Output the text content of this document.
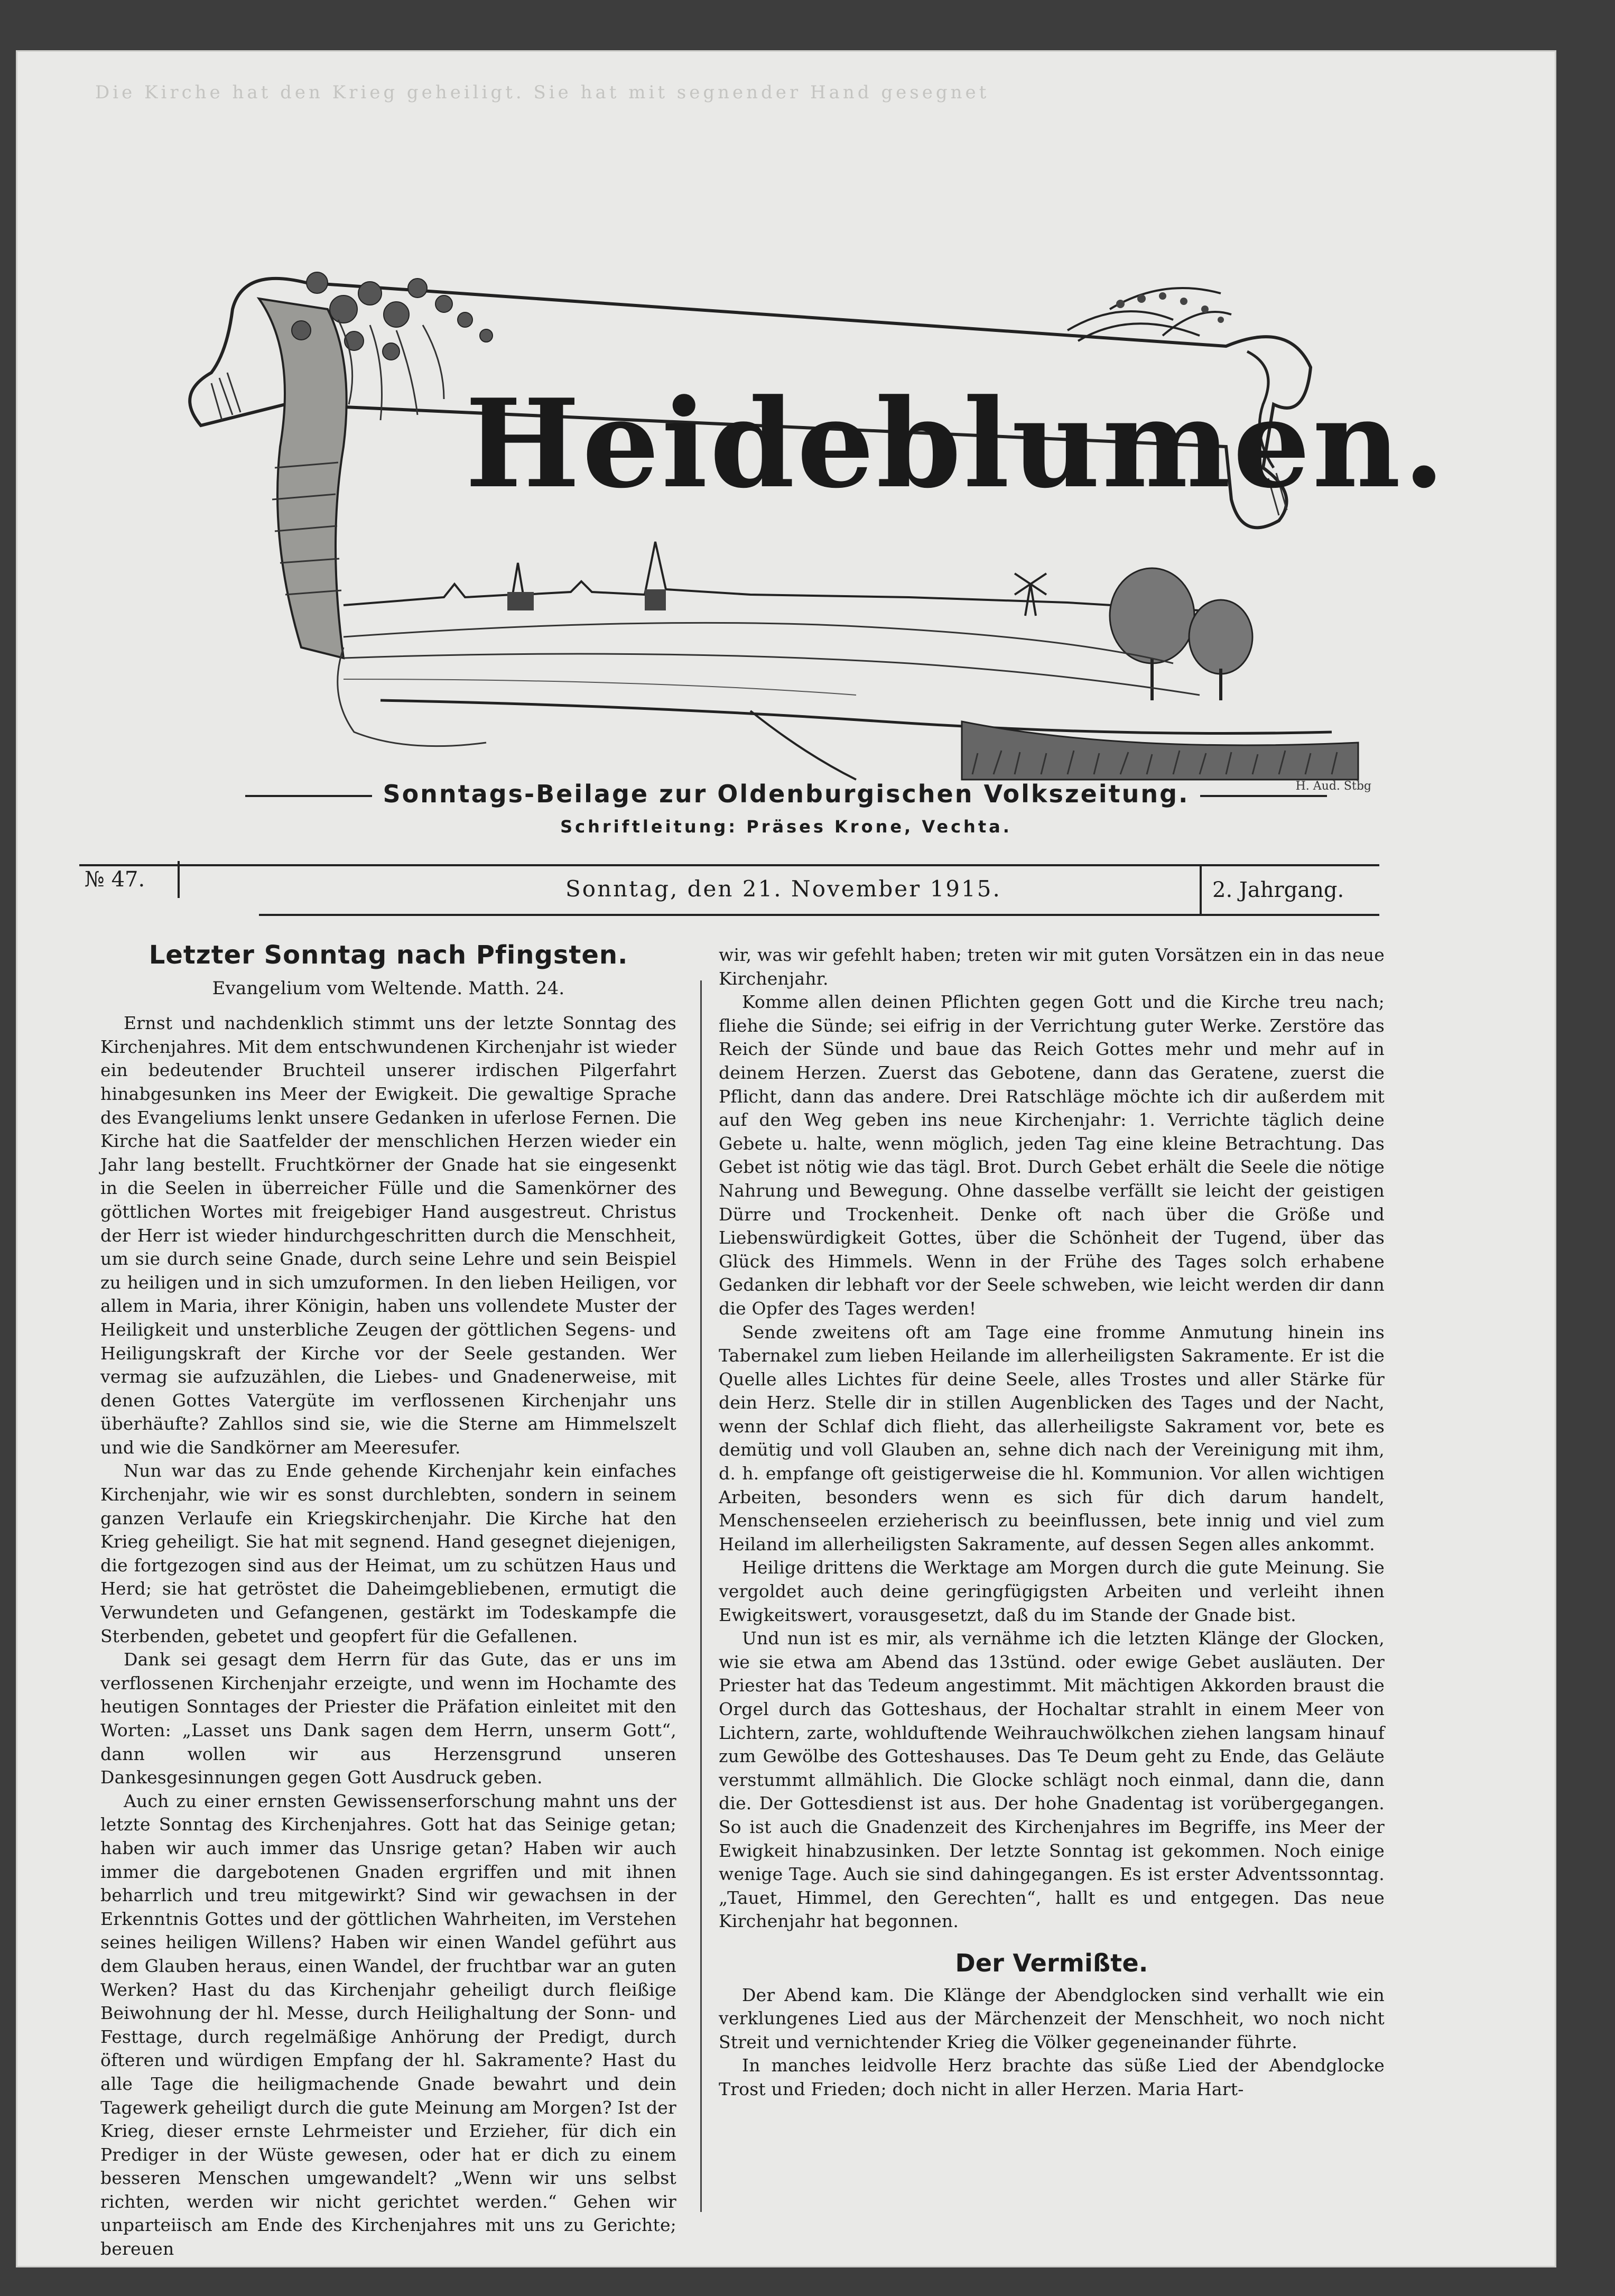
Die Kirche hat den Krieg geheiligt. Sie hat mit segnender Hand gesegnet
Heideblumen.
H. Aud. Stbg
Sonntags-Beilage zur Oldenburgischen Volkszeitung.
Schriftleitung: Präses Krone, Vechta.
№ 47.	Sonntag, den 21. November 1915.	2. Jahrgang.
Letzter Sonntag nach Pfingsten.
Evangelium vom Weltende. Matth. 24.

Ernst und nachdenklich stimmt uns der letzte Sonntag des Kirchenjahres. Mit dem entschwundenen Kirchenjahr ist wieder ein bedeutender Bruchteil unserer irdischen Pilgerfahrt hinabgesunken ins Meer der Ewigkeit. Die gewaltige Sprache des Evangeliums lenkt unsere Gedanken in uferlose Fernen. Die Kirche hat die Saatfelder der menschlichen Herzen wieder ein Jahr lang bestellt. Fruchtkörner der Gnade hat sie eingesenkt in die Seelen in überreicher Fülle und die Samenkörner des göttlichen Wortes mit freigebiger Hand ausgestreut. Christus der Herr ist wieder hindurchgeschritten durch die Menschheit, um sie durch seine Gnade, durch seine Lehre und sein Beispiel zu heiligen und in sich umzuformen. In den lieben Heiligen, vor allem in Maria, ihrer Königin, haben uns vollendete Muster der Heiligkeit und unsterbliche Zeugen der göttlichen Segens- und Heiligungskraft der Kirche vor der Seele gestanden. Wer vermag sie aufzuzählen, die Liebes- und Gnadenerweise, mit denen Gottes Vatergüte im verflossenen Kirchenjahr uns überhäufte? Zahllos sind sie, wie die Sterne am Himmelszelt und wie die Sandkörner am Meeresufer.

Nun war das zu Ende gehende Kirchenjahr kein einfaches Kirchenjahr, wie wir es sonst durchlebten, sondern in seinem ganzen Verlaufe ein Kriegskirchenjahr. Die Kirche hat den Krieg geheiligt. Sie hat mit segnend. Hand gesegnet diejenigen, die fortgezogen sind aus der Heimat, um zu schützen Haus und Herd; sie hat getröstet die Daheimgebliebenen, ermutigt die Verwundeten und Gefangenen, gestärkt im Todeskampfe die Sterbenden, gebetet und geopfert für die Gefallenen.

Dank sei gesagt dem Herrn für das Gute, das er uns im verflossenen Kirchenjahr erzeigte, und wenn im Hochamte des heutigen Sonntages der Priester die Präfation einleitet mit den Worten: „Lasset uns Dank sagen dem Herrn, unserm Gott“, dann wollen wir aus Herzensgrund unseren Dankesgesinnungen gegen Gott Ausdruck geben.

Auch zu einer ernsten Gewissenserforschung mahnt uns der letzte Sonntag des Kirchenjahres. Gott hat das Seinige getan; haben wir auch immer das Unsrige getan? Haben wir auch immer die dargebotenen Gnaden ergriffen und mit ihnen beharrlich und treu mitgewirkt? Sind wir gewachsen in der Erkenntnis Gottes und der göttlichen Wahrheiten, im Verstehen seines heiligen Willens? Haben wir einen Wandel geführt aus dem Glauben heraus, einen Wandel, der fruchtbar war an guten Werken? Hast du das Kirchenjahr geheiligt durch fleißige Beiwohnung der hl. Messe, durch Heilighaltung der Sonn- und Festtage, durch regelmäßige Anhörung der Predigt, durch öfteren und würdigen Empfang der hl. Sakramente? Hast du alle Tage die heiligmachende Gnade bewahrt und dein Tagewerk geheiligt durch die gute Meinung am Morgen? Ist der Krieg, dieser ernste Lehrmeister und Erzieher, für dich ein Prediger in der Wüste gewesen, oder hat er dich zu einem besseren Menschen umgewandelt? „Wenn wir uns selbst richten, werden wir nicht gerichtet werden.“ Gehen wir unparteiisch am Ende des Kirchenjahres mit uns zu Gerichte; bereuen

wir, was wir gefehlt haben; treten wir mit guten Vorsätzen ein in das neue Kirchenjahr.

Komme allen deinen Pflichten gegen Gott und die Kirche treu nach; fliehe die Sünde; sei eifrig in der Verrichtung guter Werke. Zerstöre das Reich der Sünde und baue das Reich Gottes mehr und mehr auf in deinem Herzen. Zuerst das Gebotene, dann das Geratene, zuerst die Pflicht, dann das andere. Drei Ratschläge möchte ich dir außerdem mit auf den Weg geben ins neue Kirchenjahr: 1. Verrichte täglich deine Gebete u. halte, wenn möglich, jeden Tag eine kleine Betrachtung. Das Gebet ist nötig wie das tägl. Brot. Durch Gebet erhält die Seele die nötige Nahrung und Bewegung. Ohne dasselbe verfällt sie leicht der geistigen Dürre und Trockenheit. Denke oft nach über die Größe und Liebenswürdigkeit Gottes, über die Schönheit der Tugend, über das Glück des Himmels. Wenn in der Frühe des Tages solch erhabene Gedanken dir lebhaft vor der Seele schweben, wie leicht werden dir dann die Opfer des Tages werden!

Sende zweitens oft am Tage eine fromme Anmutung hinein ins Tabernakel zum lieben Heilande im allerheiligsten Sakramente. Er ist die Quelle alles Lichtes für deine Seele, alles Trostes und aller Stärke für dein Herz. Stelle dir in stillen Augenblicken des Tages und der Nacht, wenn der Schlaf dich flieht, das allerheiligste Sakrament vor, bete es demütig und voll Glauben an, sehne dich nach der Vereinigung mit ihm, d. h. empfange oft geistigerweise die hl. Kommunion. Vor allen wichtigen Arbeiten, besonders wenn es sich für dich darum handelt, Menschenseelen erzieherisch zu beeinflussen, bete innig und viel zum Heiland im allerheiligsten Sakramente, auf dessen Segen alles ankommt.

Heilige drittens die Werktage am Morgen durch die gute Meinung. Sie vergoldet auch deine geringfügigsten Arbeiten und verleiht ihnen Ewigkeitswert, vorausgesetzt, daß du im Stande der Gnade bist.

Und nun ist es mir, als vernähme ich die letzten Klänge der Glocken, wie sie etwa am Abend das 13stünd. oder ewige Gebet ausläuten. Der Priester hat das Tedeum angestimmt. Mit mächtigen Akkorden braust die Orgel durch das Gotteshaus, der Hochaltar strahlt in einem Meer von Lichtern, zarte, wohlduftende Weihrauchwölkchen ziehen langsam hinauf zum Gewölbe des Gotteshauses. Das Te Deum geht zu Ende, das Geläute verstummt allmählich. Die Glocke schlägt noch einmal, dann die, dann die. Der Gottesdienst ist aus. Der hohe Gnadentag ist vorübergegangen. So ist auch die Gnadenzeit des Kirchenjahres im Begriffe, ins Meer der Ewigkeit hinabzusinken. Der letzte Sonntag ist gekommen. Noch einige wenige Tage. Auch sie sind dahingegangen. Es ist erster Adventssonntag. „Tauet, Himmel, den Gerechten“, hallt es und entgegen. Das neue Kirchenjahr hat begonnen.

Der Vermißte.

Der Abend kam. Die Klänge der Abendglocken sind verhallt wie ein verklungenes Lied aus der Märchenzeit der Menschheit, wo noch nicht Streit und vernichtender Krieg die Völker gegeneinander führte.

In manches leidvolle Herz brachte das süße Lied der Abendglocke Trost und Frieden; doch nicht in aller Herzen. Maria Hart-
